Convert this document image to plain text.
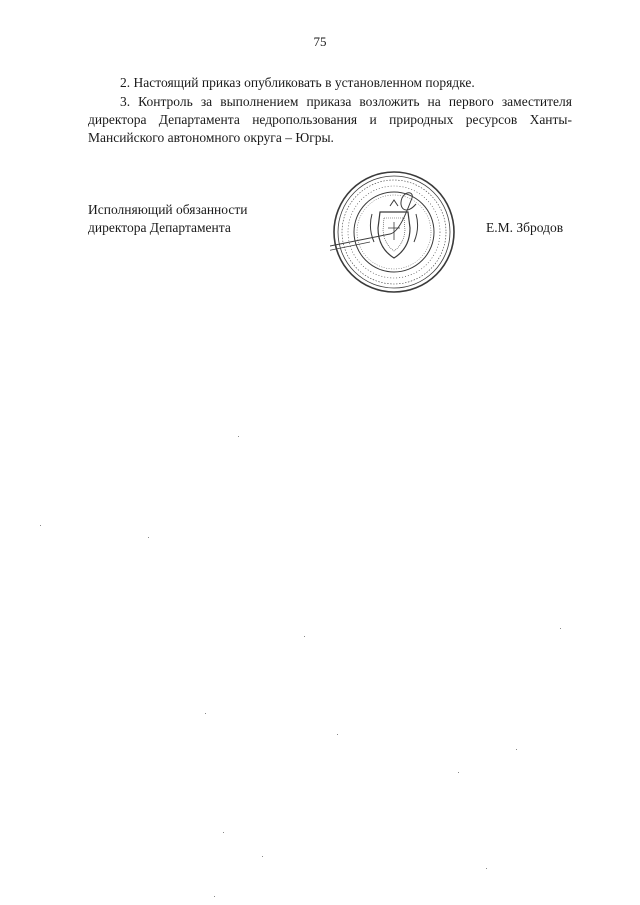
75
2. Настоящий приказ опубликовать в установленном порядке.
3. Контроль за выполнением приказа возложить на первого заместителя директора Департамента недропользования и природных ресурсов Ханты-Мансийского автономного округа – Югры.
Исполняющий обязанности
директора Департамента	Е.М. Збродов
